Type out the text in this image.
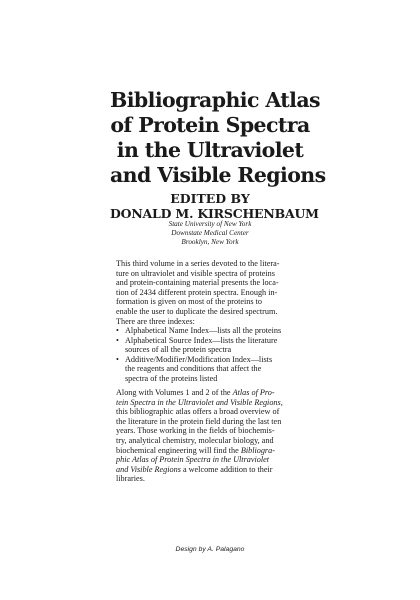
Bibliographic Atlas
of Protein Spectra
in the Ultraviolet
and Visible Regions
EDITED BY
DONALD M. KIRSCHENBAUM
State University of New York
Downstate Medical Center
Brooklyn, New York
This third volume in a series devoted to the litera-
ture on ultraviolet and visible spectra of proteins
and protein-containing material presents the loca-
tion of 2434 different protein spectra. Enough in-
formation is given on most of the proteins to
enable the user to duplicate the desired spectrum.
There are three indexes:
• Alphabetical Name Index—lists all the proteins
• Alphabetical Source Index—lists the literature
sources of all the protein spectra
• Additive/Modifier/Modification Index—lists
the reagents and conditions that affect the
spectra of the proteins listed
Along with Volumes 1 and 2 of the Atlas of Pro-
tein Spectra in the Ultraviolet and Visible Regions,
this bibliographic atlas offers a broad overview of
the literature in the protein field during the last ten
years. Those working in the fields of biochemis-
try, analytical chemistry, molecular biology, and
biochemical engineering will find the Bibliogra-
phic Atlas of Protein Spectra in the Ultraviolet
and Visible Regions a welcome addition to their
libraries.
Design by A. Palagano
